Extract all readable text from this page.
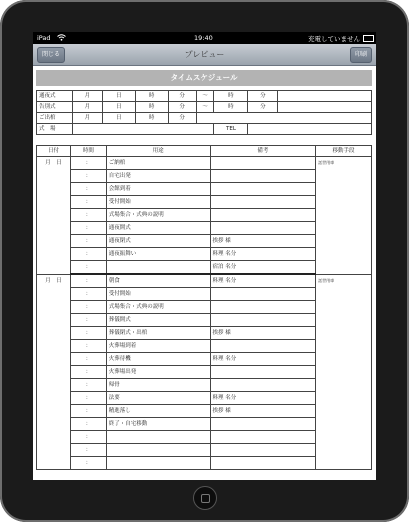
iPad	19:40	充電していません
閉じる	プレビュー	印刷
タイムスケジュール
通夜式	月	日	時	分	〜	時	分	
告別式	月	日	時	分	〜	時	分	
ご出棺	月	日	時	分				
式　場						TEL		
日付	時間	用途	備考	移動手段
月　日	：	ご納棺		話世用車
	：	自宅出発		
	：	会館到着		
	：	受付開始		
	：	式場集合・式典の説明		
	：	通夜開式		
	：	通夜閉式	挨拶 様	
	：	通夜振舞い	料理 名分	
	：		宿泊 名分	
月　日	：	朝食	料理 名分	話世用車
	：	受付開始		
	：	式場集合・式典の説明		
	：	葬儀開式		
	：	葬儀閉式・出棺	挨拶 様	
	：	火葬場到着		
	：	火葬待機	料理 名分	
	：	火葬場出発		
	：	帰骨		
	：	法要	料理 名分	
	：	精進落し	挨拶 様	
	：	終了・自宅移動		
	：			
	：			
	：			
